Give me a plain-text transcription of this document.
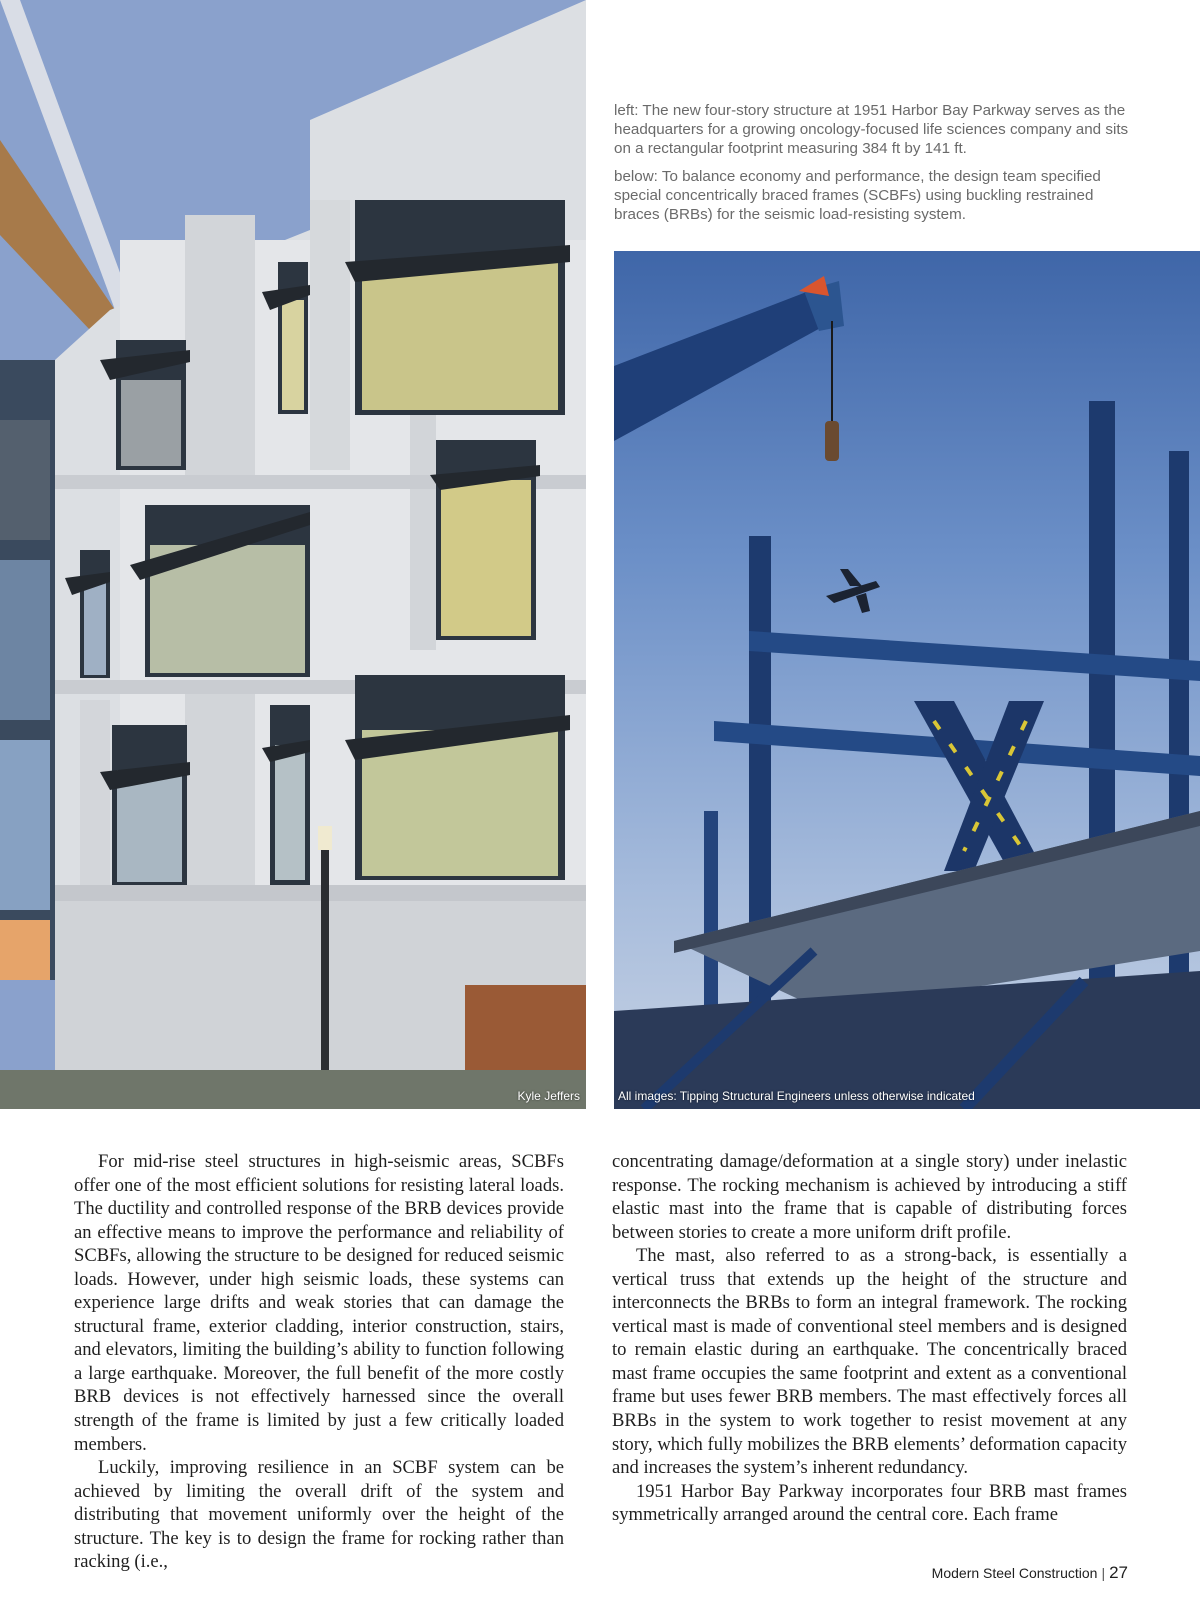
Kyle Jeffers

left: The new four-story structure at 1951 Harbor Bay Parkway serves as the headquarters for a growing oncology-focused life sciences company and sits on a rectangular footprint measuring 384 ft by 141 ft.

below: To balance economy and performance, the design team specified special concentrically braced frames (SCBFs) using buckling restrained braces (BRBs) for the seismic load-resisting system.

All images: Tipping Structural Engineers unless otherwise indicated

For mid-rise steel structures in high-seismic areas, SCBFs offer one of the most efficient solutions for resisting lateral loads. The ductility and controlled response of the BRB devices provide an effective means to improve the performance and reliability of SCBFs, allowing the structure to be designed for reduced seismic loads. However, under high seismic loads, these systems can experience large drifts and weak stories that can damage the structural frame, exterior cladding, interior construction, stairs, and elevators, limiting the building’s ability to function following a large earthquake. Moreover, the full benefit of the more costly BRB devices is not effectively harnessed since the overall strength of the frame is limited by just a few critically loaded members.

Luckily, improving resilience in an SCBF system can be achieved by limiting the overall drift of the system and distributing that movement uniformly over the height of the structure. The key is to design the frame for rocking rather than racking (i.e.,

concentrating damage/deformation at a single story) under inelastic response. The rocking mechanism is achieved by introducing a stiff elastic mast into the frame that is capable of distributing forces between stories to create a more uniform drift profile.

The mast, also referred to as a strong-back, is essentially a vertical truss that extends up the height of the structure and interconnects the BRBs to form an integral framework. The rocking vertical mast is made of conventional steel members and is designed to remain elastic during an earthquake. The concentrically braced mast frame occupies the same footprint and extent as a conventional frame but uses fewer BRB members. The mast effectively forces all BRBs in the system to work together to resist movement at any story, which fully mobilizes the BRB elements’ deformation capacity and increases the system’s inherent redundancy.

1951 Harbor Bay Parkway incorporates four BRB mast frames symmetrically arranged around the central core. Each frame

Modern Steel Construction | 27
